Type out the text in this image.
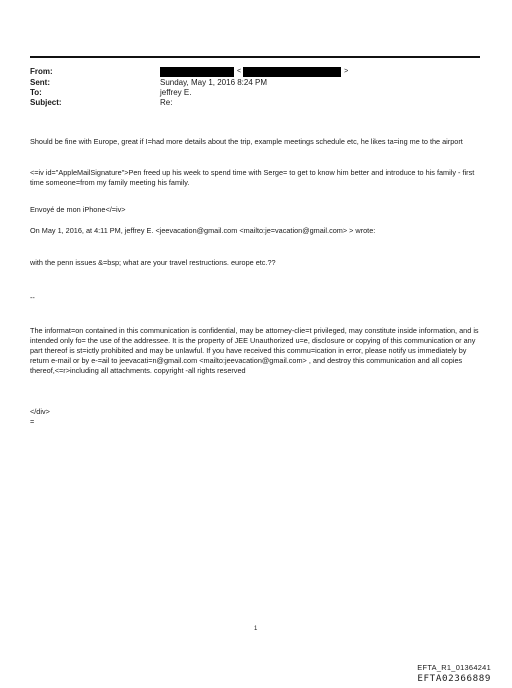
From:	<	>
Sent:	Sunday, May 1, 2016 8:24 PM
To:	jeffrey E.
Subject:	Re:

Should be fine with Europe, great if I=had more details about the trip, example meetings schedule etc, he likes ta=ing me to the airport

<=iv id="AppleMailSignature">Pen freed up his week to spend time with Serge= to get to know him better and introduce to his family - first time someone=from my family meeting his family.

Envoyé de mon iPhone</=iv>

On May 1, 2016, at 4:11 PM, jeffrey E. <jeevacation@gmail.com <mailto:je=vacation@gmail.com> > wrote:

with the penn issues &=bsp; what are your travel restructions. europe etc.??

--

The informat=on contained in this communication is confidential, may be attorney-clie=t privileged, may constitute inside information, and is intended only fo= the use of the addressee. It is the property of JEE Unauthorized u=e, disclosure or copying of this communication or any part thereof is st=ictly prohibited and may be unlawful. If you have received this commu=ication in error, please notify us immediately by return e-mail or by e-=ail to jeevacati=n@gmail.com <mailto:jeevacation@gmail.com> , and destroy this communication and all copies thereof,<=r>including all attachments. copyright -all rights reserved

</div>

=

1
EFTA_R1_01364241
EFTA02366889
